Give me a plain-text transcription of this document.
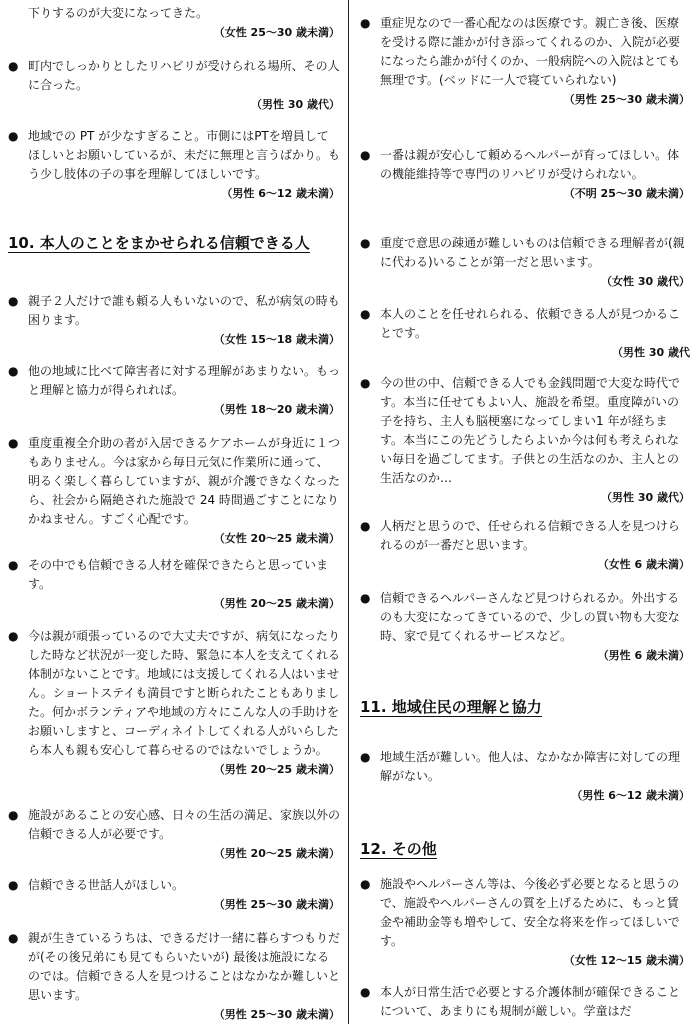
下りするのが大変になってきた。
（女性 25～30 歳未満）
● 町内でしっかりとしたリハビリが受けられる場所、その人に合った。
（男性 30 歳代）
● 地域での PT が少なすぎること。市側にはPTを増員してほしいとお願いしているが、未だに無理と言うばかり。もう少し肢体の子の事を理解してほしいです。
（男性 6～12 歳未満）
10. 本人のことをまかせられる信頼できる人
● 親子２人だけで誰も頼る人もいないので、私が病気の時も困ります。
（女性 15～18 歳未満）
● 他の地域に比べて障害者に対する理解があまりない。もっと理解と協力が得られれば。
（男性 18～20 歳未満）
● 重度重複全介助の者が入居できるケアホームが身近に１つもありません。今は家から毎日元気に作業所に通って、明るく楽しく暮らしていますが、親が介護できなくなったら、社会から隔絶された施設で 24 時間過ごすことになりかねません。すごく心配です。
（女性 20～25 歳未満）
● その中でも信頼できる人材を確保できたらと思っています。
（男性 20～25 歳未満）
● 今は親が頑張っているので大丈夫ですが、病気になったりした時など状況が一変した時、緊急に本人を支えてくれる体制がないことです。地域には支援してくれる人はいません。ショートステイも満員ですと断られたこともありました。何かボランティアや地域の方々にこんな人の手助けをお願いしますと、コーディネイトしてくれる人がいらしたら本人も親も安心して暮らせるのではないでしょうか。
（男性 20～25 歳未満）
● 施設があることの安心感、日々の生活の満足、家族以外の信頼できる人が必要です。
（男性 20～25 歳未満）
● 信頼できる世話人がほしい。
（男性 25～30 歳未満）
● 親が生きているうちは、できるだけ一緒に暮らすつもりだが(その後兄弟にも見てもらいたいが) 最後は施設になるのでは。信頼できる人を見つけることはなかなか難しいと思います。
（男性 25～30 歳未満）
● 重症児なので一番心配なのは医療です。親亡き後、医療を受ける際に誰かが付き添ってくれるのか、入院が必要になったら誰かが付くのか、一般病院への入院はとても無理です。(ベッドに一人で寝ていられない)
（男性 25～30 歳未満）
● 一番は親が安心して頼めるヘルパーが育ってほしい。体の機能維持等で専門のリハビリが受けられない。
（不明 25～30 歳未満）
● 重度で意思の疎通が難しいものは信頼できる理解者が(親に代わる)いることが第一だと思います。
（女性 30 歳代）
● 本人のことを任せれられる、依頼できる人が見つかることです。
（男性 30 歳代
● 今の世の中、信頼できる人でも金銭問題で大変な時代です。本当に任せてもよい人、施設を希望。重度障がいの子を持ち、主人も脳梗塞になってしまい1 年が経ちます。本当にこの先どうしたらよいか今は何も考えられない毎日を過ごしてます。子供との生活なのか、主人との生活なのか…
（男性 30 歳代）
● 人柄だと思うので、任せられる信頼できる人を見つけられるのが一番だと思います。
（女性 6 歳未満）
● 信頼できるヘルパーさんなど見つけられるか。外出するのも大変になってきているので、少しの買い物も大変な時、家で見てくれるサービスなど。
（男性 6 歳未満）
11. 地域住民の理解と協力
● 地域生活が難しい。他人は、なかなか障害に対しての理解がない。
（男性 6～12 歳未満）
12. その他
● 施設やヘルパーさん等は、今後必ず必要となると思うので、施設やヘルパーさんの質を上げるために、もっと賃金や補助金等も増やして、安全な将来を作ってほしいです。
（女性 12～15 歳未満）
● 本人が日常生活で必要とする介護体制が確保できることについて、あまりにも規制が厳しい。学童はだ
